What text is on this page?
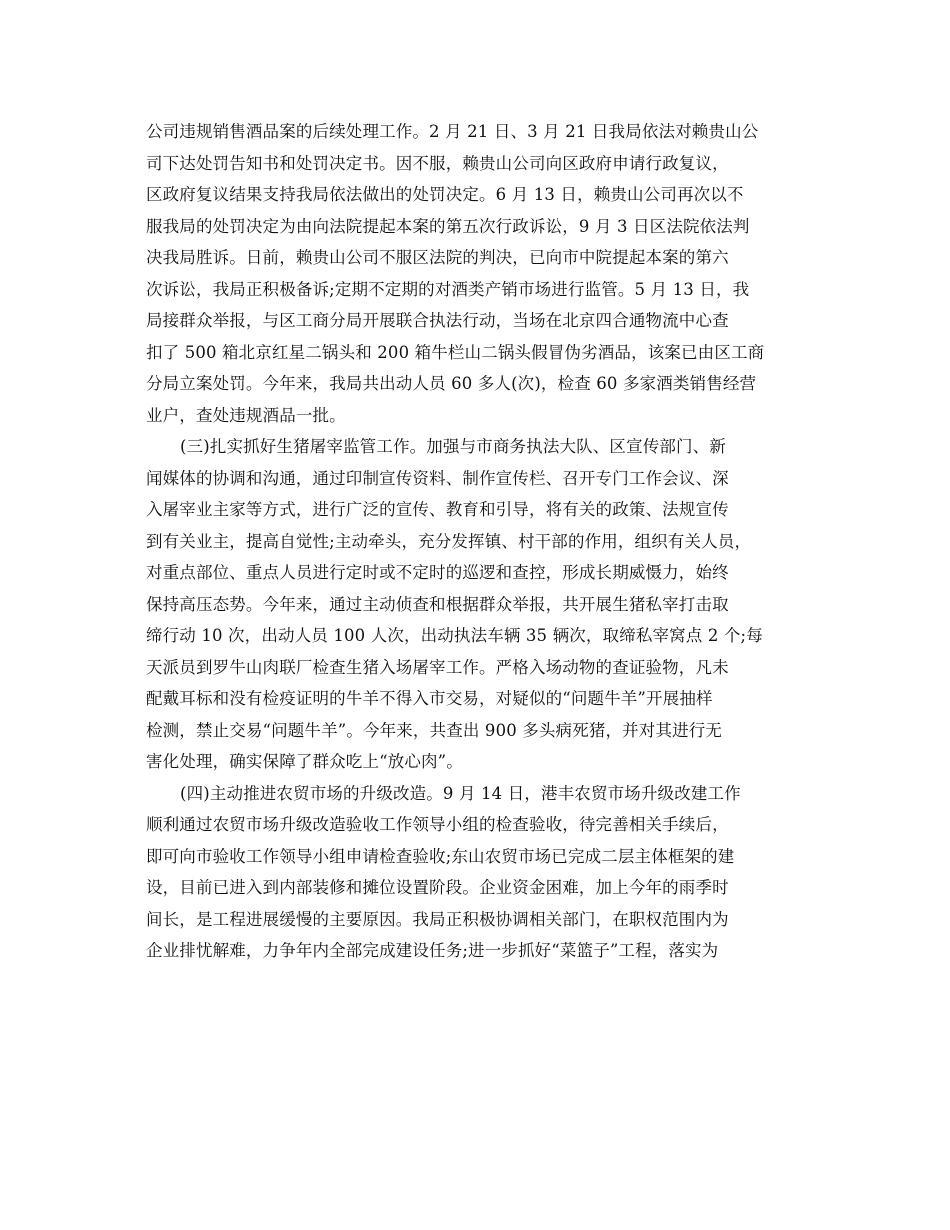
公司违规销售酒品案的后续处理工作。2 月 21 日、3 月 21 日我局依法对赖贵山公
司下达处罚告知书和处罚决定书。因不服，赖贵山公司向区政府申请行政复议，
区政府复议结果支持我局依法做出的处罚决定。6 月 13 日，赖贵山公司再次以不
服我局的处罚决定为由向法院提起本案的第五次行政诉讼，9 月 3 日区法院依法判
决我局胜诉。日前，赖贵山公司不服区法院的判决，已向市中院提起本案的第六
次诉讼，我局正积极备诉;定期不定期的对酒类产销市场进行监管。5 月 13 日，我
局接群众举报，与区工商分局开展联合执法行动，当场在北京四合通物流中心查
扣了 500 箱北京红星二锅头和 200 箱牛栏山二锅头假冒伪劣酒品，该案已由区工商
分局立案处罚。今年来，我局共出动人员 60 多人(次)，检查 60 多家酒类销售经营
业户，查处违规酒品一批。
(三)扎实抓好生猪屠宰监管工作。加强与市商务执法大队、区宣传部门、新
闻媒体的协调和沟通，通过印制宣传资料、制作宣传栏、召开专门工作会议、深
入屠宰业主家等方式，进行广泛的宣传、教育和引导，将有关的政策、法规宣传
到有关业主，提高自觉性;主动牵头，充分发挥镇、村干部的作用，组织有关人员，
对重点部位、重点人员进行定时或不定时的巡逻和查控，形成长期威慑力，始终
保持高压态势。今年来，通过主动侦查和根据群众举报，共开展生猪私宰打击取
缔行动 10 次，出动人员 100 人次，出动执法车辆 35 辆次，取缔私宰窝点 2 个;每
天派员到罗牛山肉联厂检查生猪入场屠宰工作。严格入场动物的查证验物，凡未
配戴耳标和没有检疫证明的牛羊不得入市交易，对疑似的“问题牛羊”开展抽样
检测，禁止交易“问题牛羊”。今年来，共查出 900 多头病死猪，并对其进行无
害化处理，确实保障了群众吃上“放心肉”。
(四)主动推进农贸市场的升级改造。9 月 14 日，港丰农贸市场升级改建工作
顺利通过农贸市场升级改造验收工作领导小组的检查验收，待完善相关手续后，
即可向市验收工作领导小组申请检查验收;东山农贸市场已完成二层主体框架的建
设，目前已进入到内部装修和摊位设置阶段。企业资金困难，加上今年的雨季时
间长，是工程进展缓慢的主要原因。我局正积极协调相关部门，在职权范围内为
企业排忧解难，力争年内全部完成建设任务;进一步抓好“菜篮子”工程，落实为
